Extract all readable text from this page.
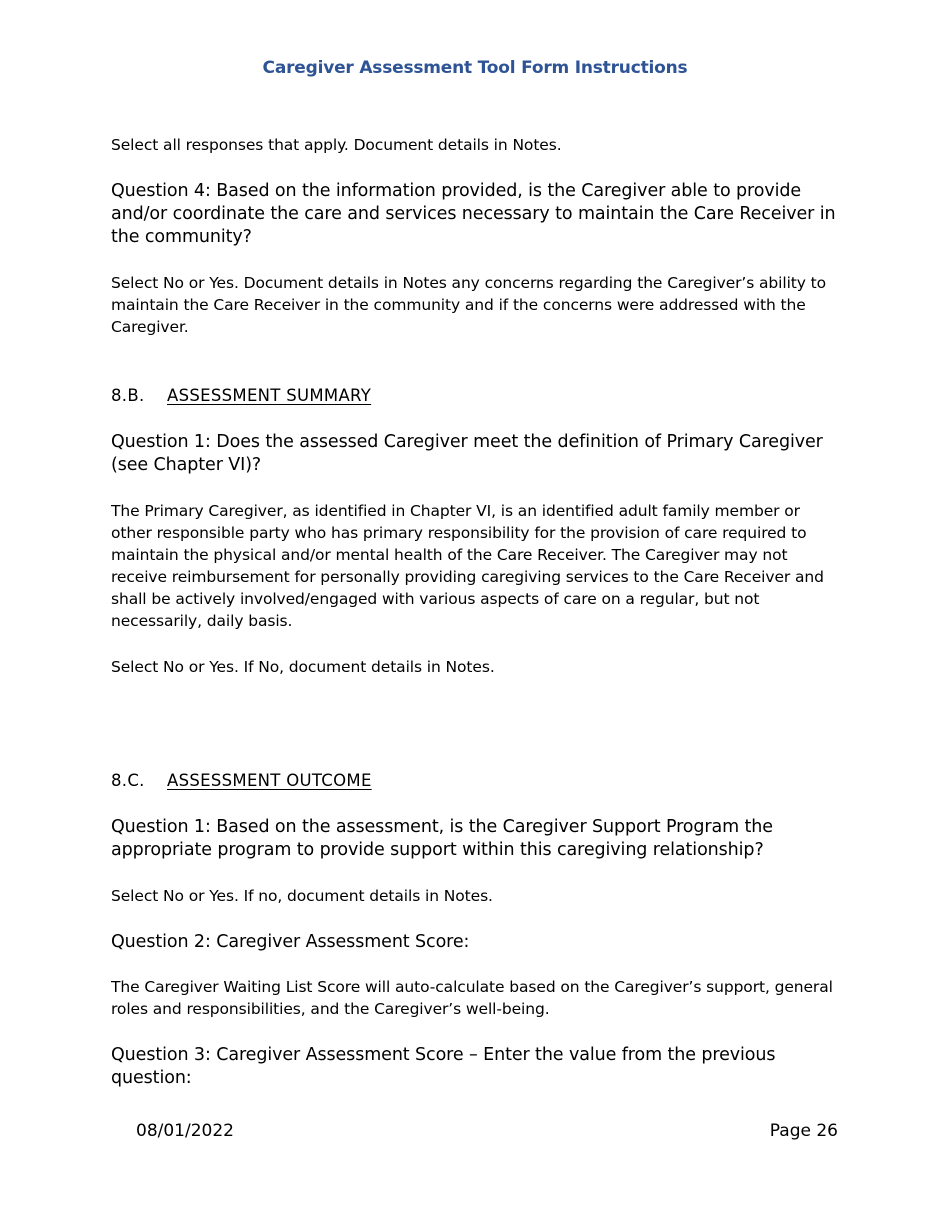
Caregiver Assessment Tool Form Instructions

Select all responses that apply. Document details in Notes.

Question 4: Based on the information provided, is the Caregiver able to provide and/or coordinate the care and services necessary to maintain the Care Receiver in the community?

Select No or Yes. Document details in Notes any concerns regarding the Caregiver’s ability to maintain the Care Receiver in the community and if the concerns were addressed with the Caregiver.

8.B. ASSESSMENT SUMMARY

Question 1: Does the assessed Caregiver meet the definition of Primary Caregiver (see Chapter VI)?

The Primary Caregiver, as identified in Chapter VI, is an identified adult family member or other responsible party who has primary responsibility for the provision of care required to maintain the physical and/or mental health of the Care Receiver. The Caregiver may not receive reimbursement for personally providing caregiving services to the Care Receiver and shall be actively involved/engaged with various aspects of care on a regular, but not necessarily, daily basis.

Select No or Yes. If No, document details in Notes.

8.C. ASSESSMENT OUTCOME

Question 1: Based on the assessment, is the Caregiver Support Program the appropriate program to provide support within this caregiving relationship?

Select No or Yes. If no, document details in Notes.

Question 2: Caregiver Assessment Score:

The Caregiver Waiting List Score will auto-calculate based on the Caregiver’s support, general roles and responsibilities, and the Caregiver’s well-being.

Question 3: Caregiver Assessment Score – Enter the value from the previous question:

08/01/2022	Page 26
